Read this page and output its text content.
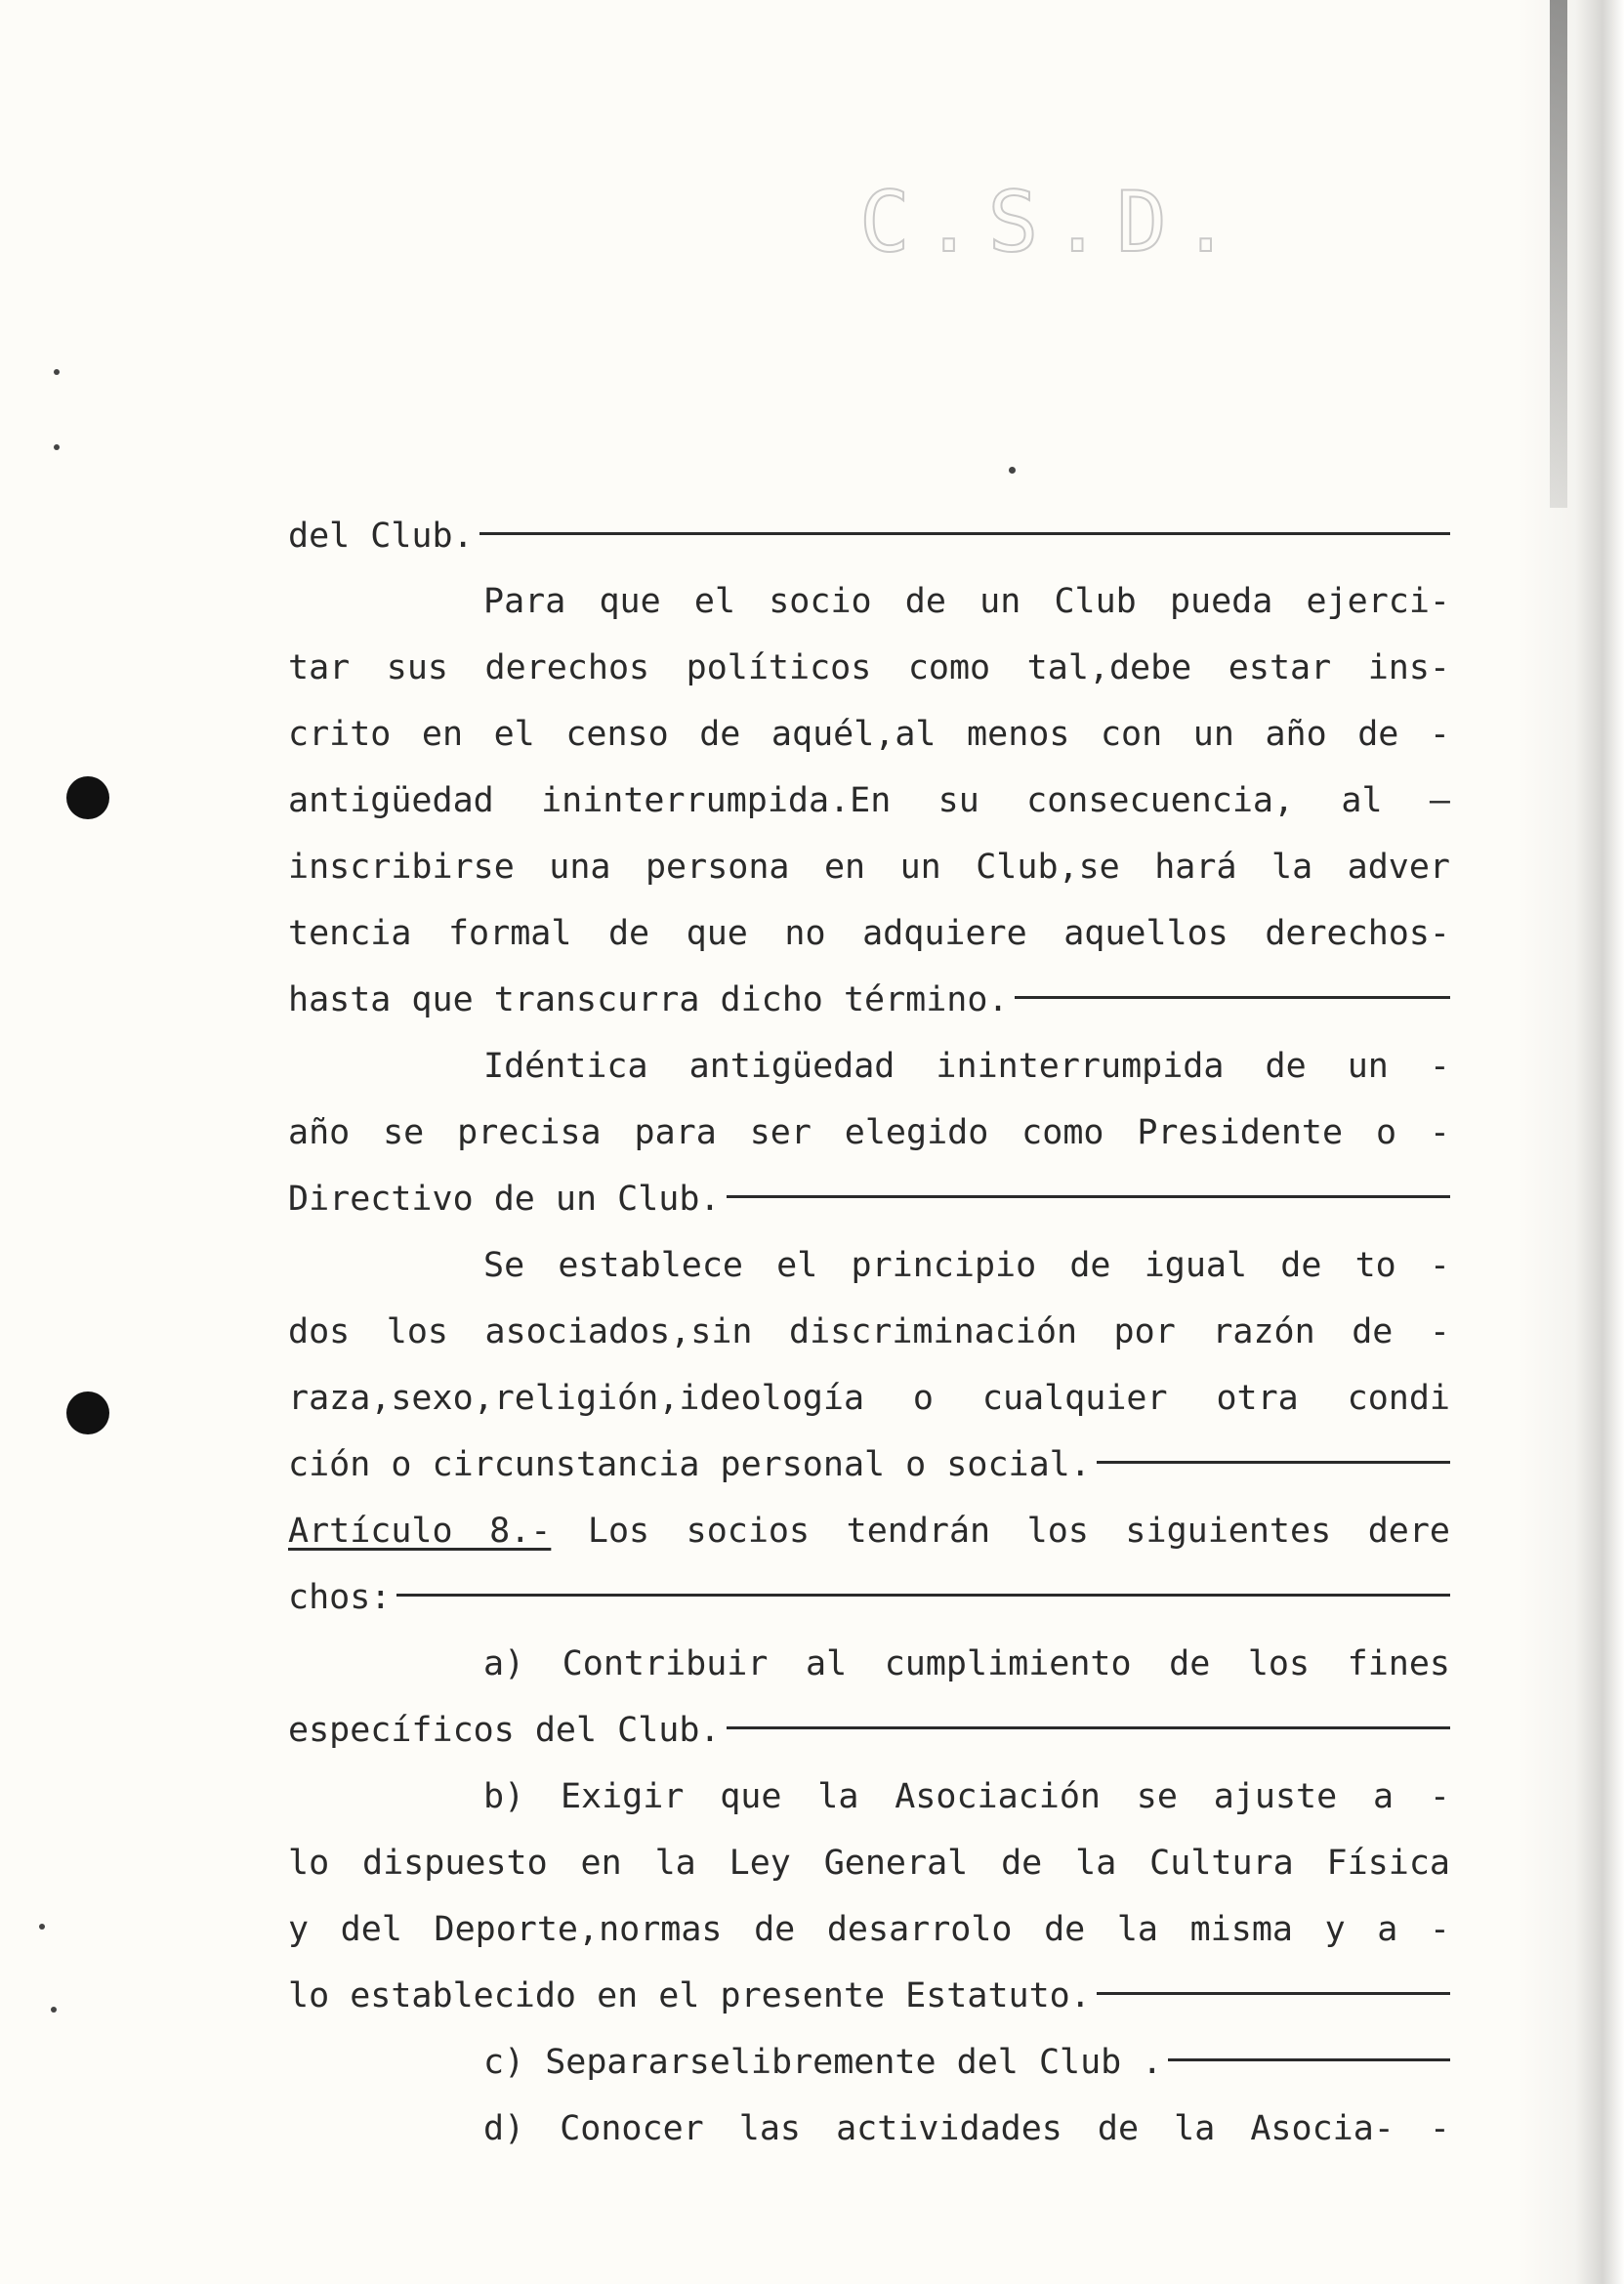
C.S.D.
del Club.
Para que el socio de un Club pueda ejerci-
tar sus derechos políticos como tal,debe estar ins-
crito en el censo de aquél,al menos con un año de -
antigüedad ininterrumpida.En su consecuencia, al —
inscribirse una persona en un Club,se hará la adver
tencia formal de que no adquiere aquellos derechos-
hasta que transcurra dicho término.
Idéntica antigüedad ininterrumpida de un -
año se precisa para ser elegido como Presidente o -
Directivo de un Club.
Se establece el principio de igual de to -
dos los asociados,sin discriminación por razón de -
raza,sexo,religión,ideología o cualquier otra condi
ción o circunstancia personal o social.
Artículo 8.- Los socios tendrán los siguientes dere
chos:
a) Contribuir al cumplimiento de los fines
específicos del Club.
b) Exigir que la Asociación se ajuste a -
lo dispuesto en la Ley General de la Cultura Física
y del Deporte,normas de desarrolo de la misma y a -
lo establecido en el presente Estatuto.
c) Separarselibremente del Club .
d) Conocer las actividades de la Asocia- -
